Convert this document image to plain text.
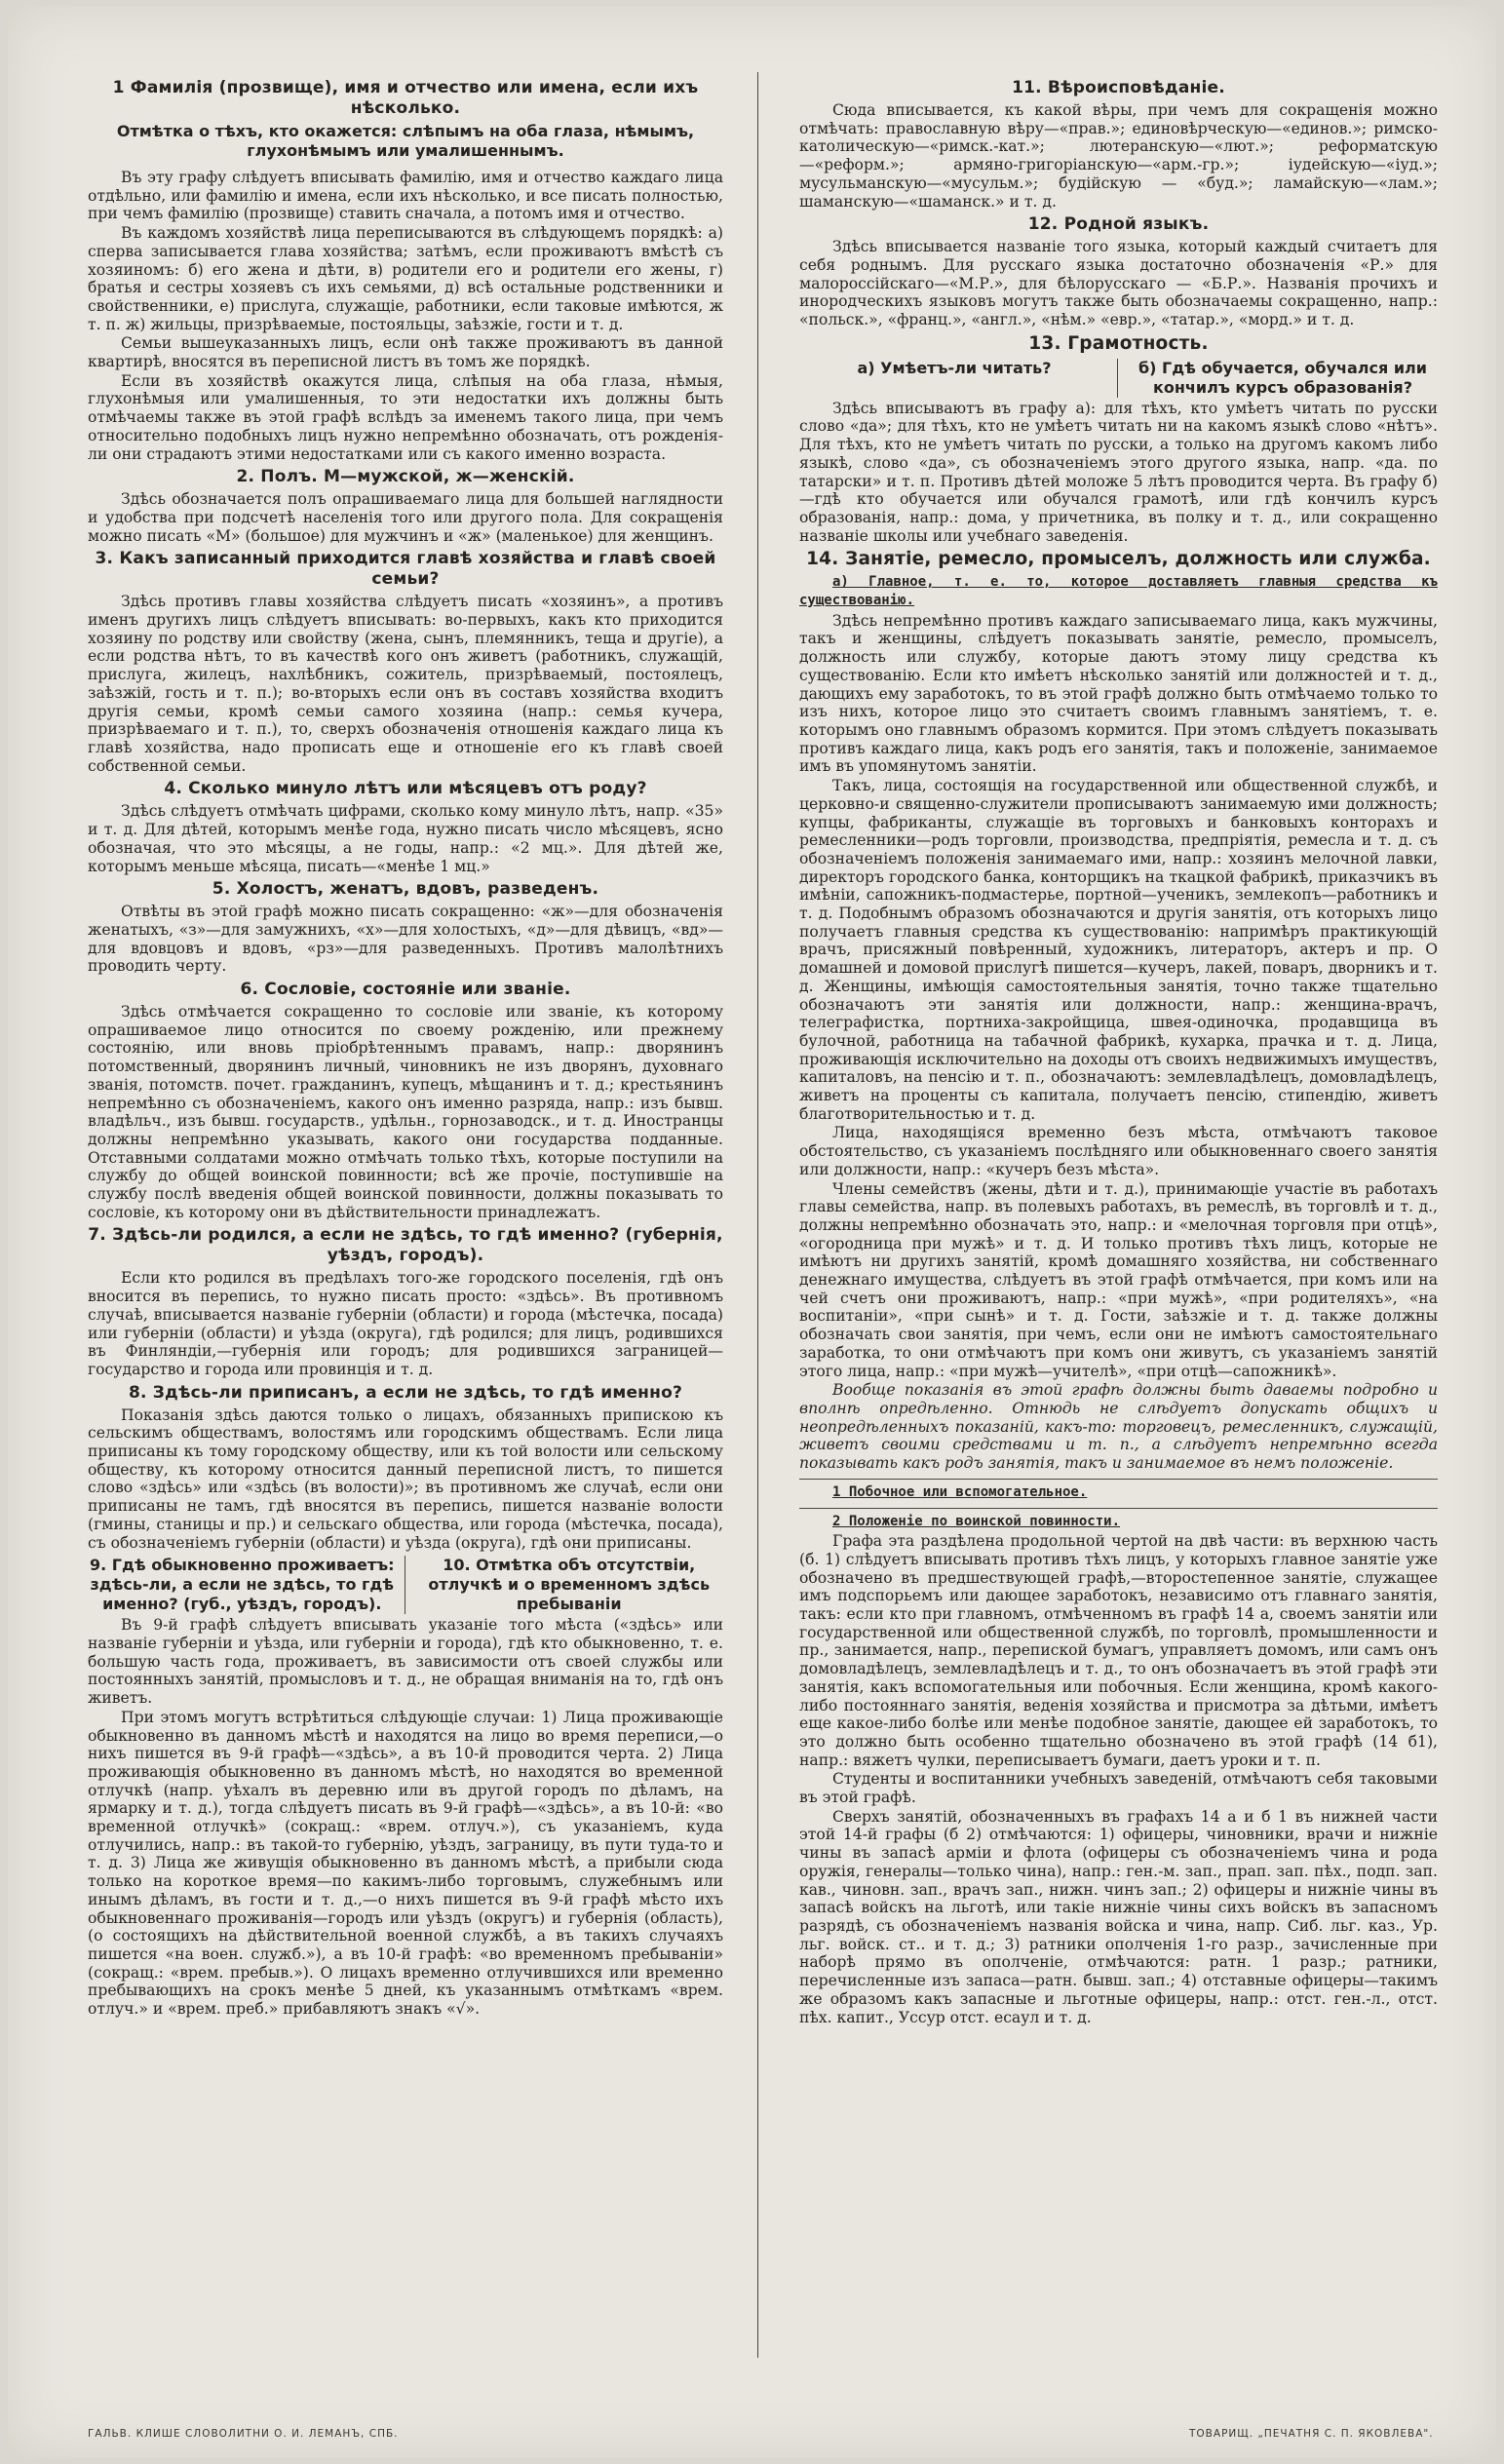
1 Фамилія (прозвище), имя и отчество или имена, если ихъ нѣсколько.
Отмѣтка о тѣхъ, кто окажется: слѣпымъ на оба глаза, нѣмымъ, глухонѣмымъ или умалишеннымъ.

Въ эту графу слѣдуетъ вписывать фамилію, имя и отчество каждаго лица отдѣльно, или фамилію и имена, если ихъ нѣсколько, и все писать полностью, при чемъ фамилію (прозвище) ставить сначала, а потомъ имя и отчество.

Въ каждомъ хозяйствѣ лица переписываются въ слѣдующемъ порядкѣ: а) сперва записывается глава хозяйства; затѣмъ, если проживаютъ вмѣстѣ съ хозяиномъ: б) его жена и дѣти, в) родители его и родители его жены, г) братья и сестры хозяевъ съ ихъ семьями, д) всѣ остальные родственники и свойственники, е) прислуга, служащіе, работники, если таковые имѣются, ж т. п. ж) жильцы, призрѣваемые, постояльцы, заѣзжіе, гости и т. д.

Семьи вышеуказанныхъ лицъ, если онѣ также проживаютъ въ данной квартирѣ, вносятся въ переписной листъ въ томъ же порядкѣ.

Если въ хозяйствѣ окажутся лица, слѣпыя на оба глаза, нѣмыя, глухонѣмыя или умалишенныя, то эти недостатки ихъ должны быть отмѣчаемы также въ этой графѣ вслѣдъ за именемъ такого лица, при чемъ относительно подобныхъ лицъ нужно непремѣнно обозначать, отъ рожденія-ли они страдаютъ этими недостатками или съ какого именно возраста.

2. Полъ. М—мужской, ж—женскій.

Здѣсь обозначается полъ опрашиваемаго лица для большей наглядности и удобства при подсчетѣ населенія того или другого пола. Для сокращенія можно писать «М» (большое) для мужчинъ и «ж» (маленькое) для женщинъ.

3. Какъ записанный приходится главѣ хозяйства и главѣ своей семьи?

Здѣсь противъ главы хозяйства слѣдуетъ писать «хозяинъ», а противъ именъ другихъ лицъ слѣдуетъ вписывать: во-первыхъ, какъ кто приходится хозяину по родству или свойству (жена, сынъ, племянникъ, теща и другіе), а если родства нѣтъ, то въ качествѣ кого онъ живетъ (работникъ, служащій, прислуга, жилецъ, нахлѣбникъ, сожитель, призрѣваемый, постоялецъ, заѣзжій, гость и т. п.); во-вторыхъ если онъ въ составъ хозяйства входитъ другія семьи, кромѣ семьи самого хозяина (напр.: семья кучера, призрѣваемаго и т. п.), то, сверхъ обозначенія отношенія каждаго лица къ главѣ хозяйства, надо прописать еще и отношеніе его къ главѣ своей собственной семьи.

4. Сколько минуло лѣтъ или мѣсяцевъ отъ роду?

Здѣсь слѣдуетъ отмѣчать цифрами, сколько кому минуло лѣтъ, напр. «35» и т. д. Для дѣтей, которымъ менѣе года, нужно писать число мѣсяцевъ, ясно обозначая, что это мѣсяцы, а не годы, напр.: «2 мц.». Для дѣтей же, которымъ меньше мѣсяца, писать—«менѣе 1 мц.»

5. Холостъ, женатъ, вдовъ, разведенъ.

Отвѣты въ этой графѣ можно писать сокращенно: «ж»—для обозначенія женатыхъ, «з»—для замужнихъ, «х»—для холостыхъ, «д»—для дѣвицъ, «вд»—для вдовцовъ и вдовъ, «рз»—для разведенныхъ. Противъ малолѣтнихъ проводить черту.

6. Сословіе, состояніе или званіе.

Здѣсь отмѣчается сокращенно то сословіе или званіе, къ которому опрашиваемое лицо относится по своему рожденію, или прежнему состоянію, или вновь пріобрѣтеннымъ правамъ, напр.: дворянинъ потомственный, дворянинъ личный, чиновникъ не изъ дворянъ, духовнаго званія, потомств. почет. гражданинъ, купецъ, мѣщанинъ и т. д.; крестьянинъ непремѣнно съ обозначеніемъ, какого онъ именно разряда, напр.: изъ бывш. владѣльч., изъ бывш. государств., удѣльн., горнозаводск., и т. д. Иностранцы должны непремѣнно указывать, какого они государства подданные. Отставными солдатами можно отмѣчать только тѣхъ, которые поступили на службу до общей воинской повинности; всѣ же прочіе, поступившіе на службу послѣ введенія общей воинской повинности, должны показывать то сословіе, къ которому они въ дѣйствительности принадлежатъ.

7. Здѣсь-ли родился, а если не здѣсь, то гдѣ именно? (губернія, уѣздъ, городъ).

Если кто родился въ предѣлахъ того-же городского поселенія, гдѣ онъ вносится въ перепись, то нужно писать просто: «здѣсь». Въ противномъ случаѣ, вписывается названіе губерніи (области) и города (мѣстечка, посада) или губерніи (области) и уѣзда (округа), гдѣ родился; для лицъ, родившихся въ Финляндіи,—губернія или городъ; для родившихся заграницей—государство и города или провинція и т. д.

8. Здѣсь-ли приписанъ, а если не здѣсь, то гдѣ именно?

Показанія здѣсь даются только о лицахъ, обязанныхъ припискою къ сельскимъ обществамъ, волостямъ или городскимъ обществамъ. Если лица приписаны къ тому городскому обществу, или къ той волости или сельскому обществу, къ которому относится данный переписной листъ, то пишется слово «здѣсь» или «здѣсь (въ волости)»; въ противномъ же случаѣ, если они приписаны не тамъ, гдѣ вносятся въ перепись, пишется названіе волости (гмины, станицы и пр.) и сельскаго общества, или города (мѣстечка, посада), съ обозначеніемъ губерніи (области) и уѣзда (округа), гдѣ они приписаны.

9. Гдѣ обыкновенно проживаетъ: здѣсь-ли, а если не здѣсь, то гдѣ именно? (губ., уѣздъ, городъ).
10. Отмѣтка объ отсутствіи, отлучкѣ и о временномъ здѣсь пребываніи

Въ 9-й графѣ слѣдуетъ вписывать указаніе того мѣста («здѣсь» или названіе губерніи и уѣзда, или губерніи и города), гдѣ кто обыкновенно, т. е. большую часть года, проживаетъ, въ зависимости отъ своей службы или постоянныхъ занятій, промысловъ и т. д., не обращая вниманія на то, гдѣ онъ живетъ.

При этомъ могутъ встрѣтиться слѣдующіе случаи: 1) Лица проживающіе обыкновенно въ данномъ мѣстѣ и находятся на лицо во время переписи,—о нихъ пишется въ 9-й графѣ—«здѣсь», а въ 10-й проводится черта. 2) Лица проживающія обыкновенно въ данномъ мѣстѣ, но находятся во временной отлучкѣ (напр. уѣхалъ въ деревню или въ другой городъ по дѣламъ, на ярмарку и т. д.), тогда слѣдуетъ писать въ 9-й графѣ—«здѣсь», а въ 10-й: «во временной отлучкѣ» (сокращ.: «врем. отлуч.»), съ указаніемъ, куда отлучились, напр.: въ такой-то губернію, уѣздъ, заграницу, въ пути туда-то и т. д. 3) Лица же живущія обыкновенно въ данномъ мѣстѣ, а прибыли сюда только на короткое время—по какимъ-либо торговымъ, служебнымъ или инымъ дѣламъ, въ гости и т. д.,—о нихъ пишется въ 9-й графѣ мѣсто ихъ обыкновеннаго проживанія—городъ или уѣздъ (округъ) и губернія (область), (о состоящихъ на дѣйствительной военной службѣ, а въ такихъ случаяхъ пишется «на воен. служб.»), а въ 10-й графѣ: «во временномъ пребываніи» (сокращ.: «врем. пребыв.»). О лицахъ временно отлучившихся или временно пребывающихъ на срокъ менѣе 5 дней, къ указаннымъ отмѣткамъ «врем. отлуч.» и «врем. преб.» прибавляютъ знакъ «√».

11. Вѣроисповѣданіе.

Сюда вписывается, къ какой вѣры, при чемъ для сокращенія можно отмѣчать: православную вѣру—«прав.»; единовѣрческую—«единов.»; римско-католическую—«римск.-кат.»; лютеранскую—«лют.»; реформатскую—«реформ.»; армяно-григоріанскую—«арм.-гр.»; іудейскую—«іуд.»; мусульманскую—«мусульм.»; будійскую — «буд.»; ламайскую—«лам.»; шаманскую—«шаманск.» и т. д.

12. Родной языкъ.

Здѣсь вписывается названіе того языка, который каждый считаетъ для себя роднымъ. Для русскаго языка достаточно обозначенія «Р.» для малороссійскаго—«М.Р.», для бѣлорусскаго — «Б.Р.». Названія прочихъ и инородческихъ языковъ могутъ также быть обозначаемы сокращенно, напр.: «польск.», «франц.», «англ.», «нѣм.» «евр.», «татар.», «морд.» и т. д.

13. Грамотность.
а) Умѣетъ-ли читать?	б) Гдѣ обучается, обучался или кончилъ курсъ образованія?

Здѣсь вписываютъ въ графу а): для тѣхъ, кто умѣетъ читать по русски слово «да»; для тѣхъ, кто не умѣетъ читать ни на какомъ языкѣ слово «нѣтъ». Для тѣхъ, кто не умѣетъ читать по русски, а только на другомъ какомъ либо языкѣ, слово «да», съ обозначеніемъ этого другого языка, напр. «да. по татарски» и т. п. Противъ дѣтей моложе 5 лѣтъ проводится черта. Въ графу б)—гдѣ кто обучается или обучался грамотѣ, или гдѣ кончилъ курсъ образованія, напр.: дома, у причетника, въ полку и т. д., или сокращенно названіе школы или учебнаго заведенія.

14. Занятіе, ремесло, промыселъ, должность или служба.

а) Главное, т. е. то, которое доставляетъ главныя средства къ существованію.

Здѣсь непремѣнно противъ каждаго записываемаго лица, какъ мужчины, такъ и женщины, слѣдуетъ показывать занятіе, ремесло, промыселъ, должность или службу, которые даютъ этому лицу средства къ существованію. Если кто имѣетъ нѣсколько занятій или должностей и т. д., дающихъ ему заработокъ, то въ этой графѣ должно быть отмѣчаемо только то изъ нихъ, которое лицо это считаетъ своимъ главнымъ занятіемъ, т. е. которымъ оно главнымъ образомъ кормится. При этомъ слѣдуетъ показывать противъ каждаго лица, какъ родъ его занятія, такъ и положеніе, занимаемое имъ въ упомянутомъ занятіи.

Такъ, лица, состоящія на государственной или общественной службѣ, и церковно-и священно-служители прописываютъ занимаемую ими должность; купцы, фабриканты, служащіе въ торговыхъ и банковыхъ конторахъ и ремесленники—родъ торговли, производства, предпріятія, ремесла и т. д. съ обозначеніемъ положенія занимаемаго ими, напр.: хозяинъ мелочной лавки, директоръ городского банка, конторщикъ на ткацкой фабрикѣ, приказчикъ въ имѣніи, сапожникъ-подмастерье, портной—ученикъ, землекопъ—работникъ и т. д. Подобнымъ образомъ обозначаются и другія занятія, отъ которыхъ лицо получаетъ главныя средства къ существованію: напримѣръ практикующій врачъ, присяжный повѣренный, художникъ, литераторъ, актеръ и пр. О домашней и домовой прислугѣ пишется—кучеръ, лакей, поваръ, дворникъ и т. д. Женщины, имѣющія самостоятельныя занятія, точно также тщательно обозначаютъ эти занятія или должности, напр.: женщина-врачъ, телеграфистка, портниха-закройщица, швея-одиночка, продавщица въ булочной, работница на табачной фабрикѣ, кухарка, прачка и т. д. Лица, проживающія исключительно на доходы отъ своихъ недвижимыхъ имуществъ, капиталовъ, на пенсію и т. п., обозначаютъ: землевладѣлецъ, домовладѣлецъ, живетъ на проценты съ капитала, получаетъ пенсію, стипендію, живетъ благотворительностью и т. д.

Лица, находящіяся временно безъ мѣста, отмѣчаютъ таковое обстоятельство, съ указаніемъ послѣдняго или обыкновеннаго своего занятія или должности, напр.: «кучеръ безъ мѣста».

Члены семействъ (жены, дѣти и т. д.), принимающіе участіе въ работахъ главы семейства, напр. въ полевыхъ работахъ, въ ремеслѣ, въ торговлѣ и т. д., должны непремѣнно обозначать это, напр.: и «мелочная торговля при отцѣ», «огородница при мужѣ» и т. д. И только противъ тѣхъ лицъ, которые не имѣютъ ни другихъ занятій, кромѣ домашняго хозяйства, ни собственнаго денежнаго имущества, слѣдуетъ въ этой графѣ отмѣчается, при комъ или на чей счетъ они проживаютъ, напр.: «при мужѣ», «при родителяхъ», «на воспитаніи», «при сынѣ» и т. д. Гости, заѣзжіе и т. д. также должны обозначать свои занятія, при чемъ, если они не имѣютъ самостоятельнаго заработка, то они отмѣчаютъ при комъ они живутъ, съ указаніемъ занятій этого лица, напр.: «при мужѣ—учителѣ», «при отцѣ—сапожникѣ».

Вообще показанія въ этой графѣ должны быть даваемы подробно и вполнѣ опредѣленно. Отнюдь не слѣдуетъ допускать общихъ и неопредѣленныхъ показаній, какъ-то: торговецъ, ремесленникъ, служащій, живетъ своими средствами и т. п., а слѣдуетъ непремѣнно всегда показывать какъ родъ занятія, такъ и занимаемое въ немъ положеніе.

1 Побочное или вспомогательное.

2 Положеніе по воинской повинности.

Графа эта раздѣлена продольной чертой на двѣ части: въ верхнюю часть (б. 1) слѣдуетъ вписывать противъ тѣхъ лицъ, у которыхъ главное занятіе уже обозначено въ предшествующей графѣ,—второстепенное занятіе, служащее имъ подспорьемъ или дающее заработокъ, независимо отъ главнаго занятія, такъ: если кто при главномъ, отмѣченномъ въ графѣ 14 а, своемъ занятіи или государственной или общественной службѣ, по торговлѣ, промышленности и пр., занимается, напр., перепиской бумагъ, управляетъ домомъ, или самъ онъ домовладѣлецъ, землевладѣлецъ и т. д., то онъ обозначаетъ въ этой графѣ эти занятія, какъ вспомогательныя или побочныя. Если женщина, кромѣ какого-либо постояннаго занятія, веденія хозяйства и присмотра за дѣтьми, имѣетъ еще какое-либо болѣе или менѣе подобное занятіе, дающее ей заработокъ, то это должно быть особенно тщательно обозначено въ этой графѣ (14 б1), напр.: вяжетъ чулки, переписываетъ бумаги, даетъ уроки и т. п.

Студенты и воспитанники учебныхъ заведеній, отмѣчаютъ себя таковыми въ этой графѣ.

Сверхъ занятій, обозначенныхъ въ графахъ 14 а и б 1 въ нижней части этой 14-й графы (б 2) отмѣчаются: 1) офицеры, чиновники, врачи и нижніе чины въ запасѣ арміи и флота (офицеры съ обозначеніемъ чина и рода оружія, генералы—только чина), напр.: ген.-м. зап., прап. зап. пѣх., подп. зап. кав., чиновн. зап., врачъ зап., нижн. чинъ зап.; 2) офицеры и нижніе чины въ запасѣ войскъ на льготѣ, или такіе нижніе чины сихъ войскъ въ запасномъ разрядѣ, съ обозначеніемъ названія войска и чина, напр. Сиб. льг. каз., Ур. льг. войск. ст.. и т. д.; 3) ратники ополченія 1-го разр., зачисленные при наборѣ прямо въ ополченіе, отмѣчаются: ратн. 1 разр.; ратники, перечисленные изъ запаса—ратн. бывш. зап.; 4) отставные офицеры—такимъ же образомъ какъ запасные и льготные офицеры, напр.: отст. ген.-л., отст. пѣх. капит., Уссур отст. есаул и т. д.

ГАЛЬВ. КЛИШЕ СЛОВОЛИТНИ О. И. ЛЕМАНЪ, СПБ.	ТОВАРИЩ. „ПЕЧАТНЯ С. П. ЯКОВЛЕВА".
